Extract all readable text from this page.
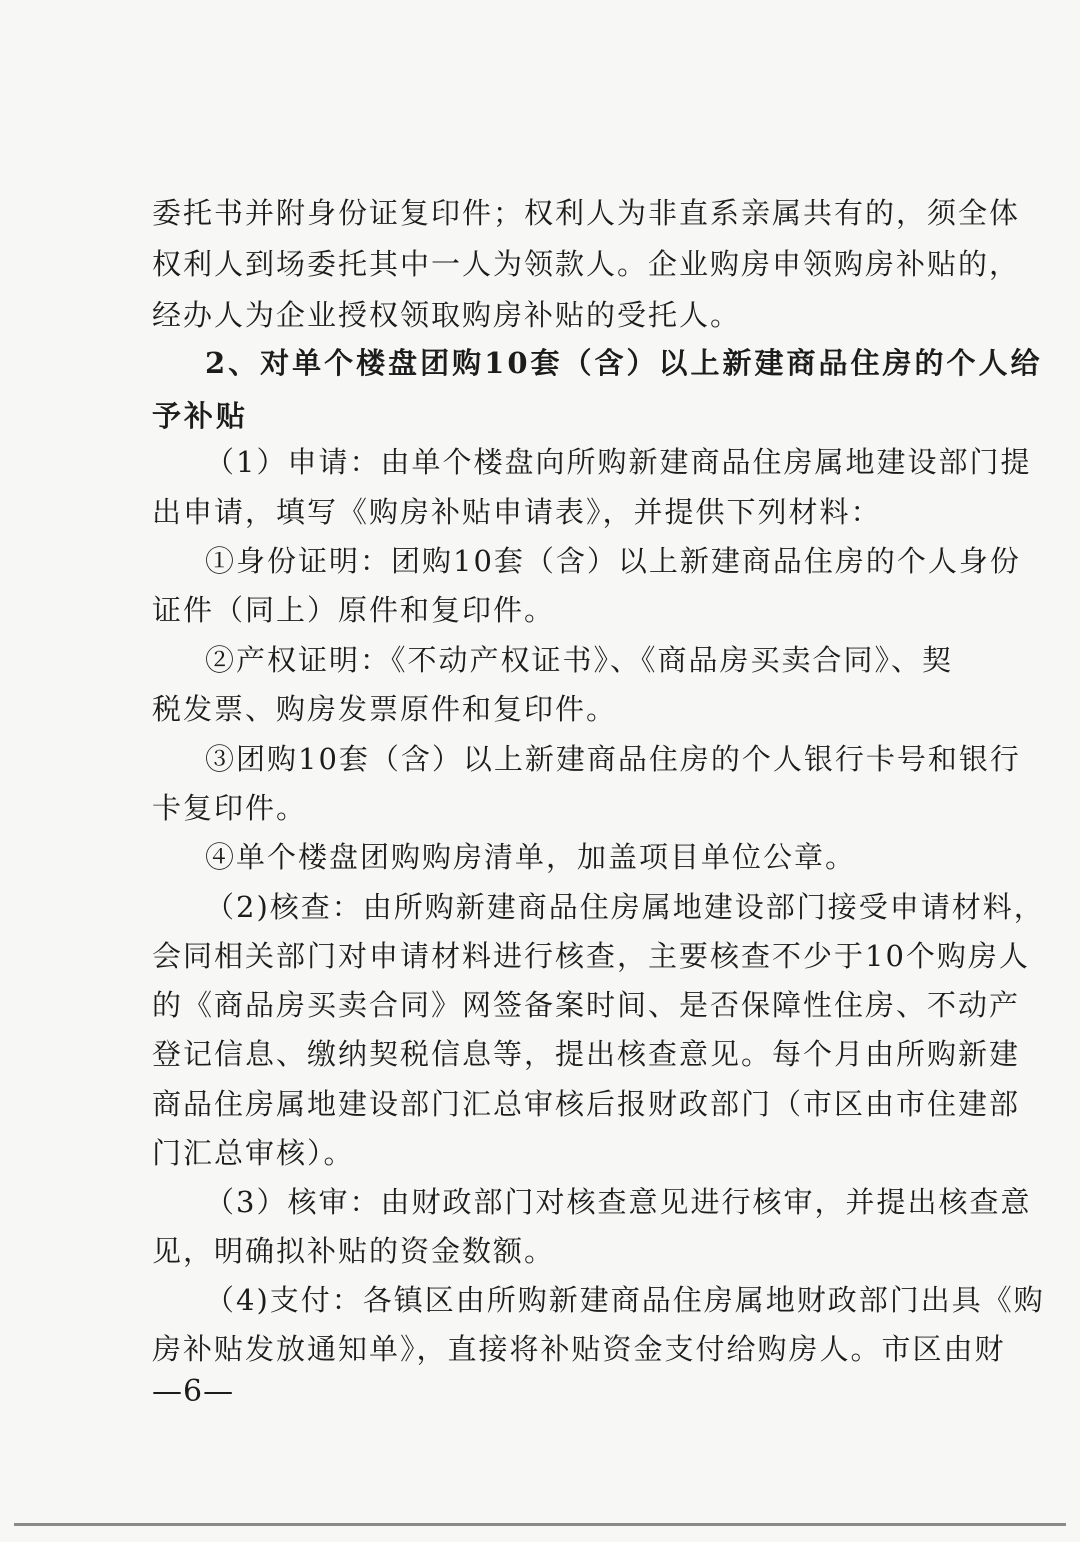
委托书并附身份证复印件；权利人为非直系亲属共有的，须全体
权利人到场委托其中一人为领款人。企业购房申领购房补贴的，
经办人为企业授权领取购房补贴的受托人。
2、对单个楼盘团购10套（含）以上新建商品住房的个人给
予补贴
（1）申请：由单个楼盘向所购新建商品住房属地建设部门提
出申请，填写《购房补贴申请表》，并提供下列材料：
①身份证明：团购10套（含）以上新建商品住房的个人身份
证件（同上）原件和复印件。
②产权证明：《不动产权证书》、《商品房买卖合同》、契
税发票、购房发票原件和复印件。
③团购10套（含）以上新建商品住房的个人银行卡号和银行
卡复印件。
④单个楼盘团购购房清单，加盖项目单位公章。
（2)核查：由所购新建商品住房属地建设部门接受申请材料，
会同相关部门对申请材料进行核查，主要核查不少于10个购房人
的《商品房买卖合同》网签备案时间、是否保障性住房、不动产
登记信息、缴纳契税信息等，提出核查意见。每个月由所购新建
商品住房属地建设部门汇总审核后报财政部门（市区由市住建部
门汇总审核）。
（3）核审：由财政部门对核查意见进行核审，并提出核查意
见，明确拟补贴的资金数额。
（4)支付：各镇区由所购新建商品住房属地财政部门出具《购
房补贴发放通知单》，直接将补贴资金支付给购房人。市区由财
—6—
